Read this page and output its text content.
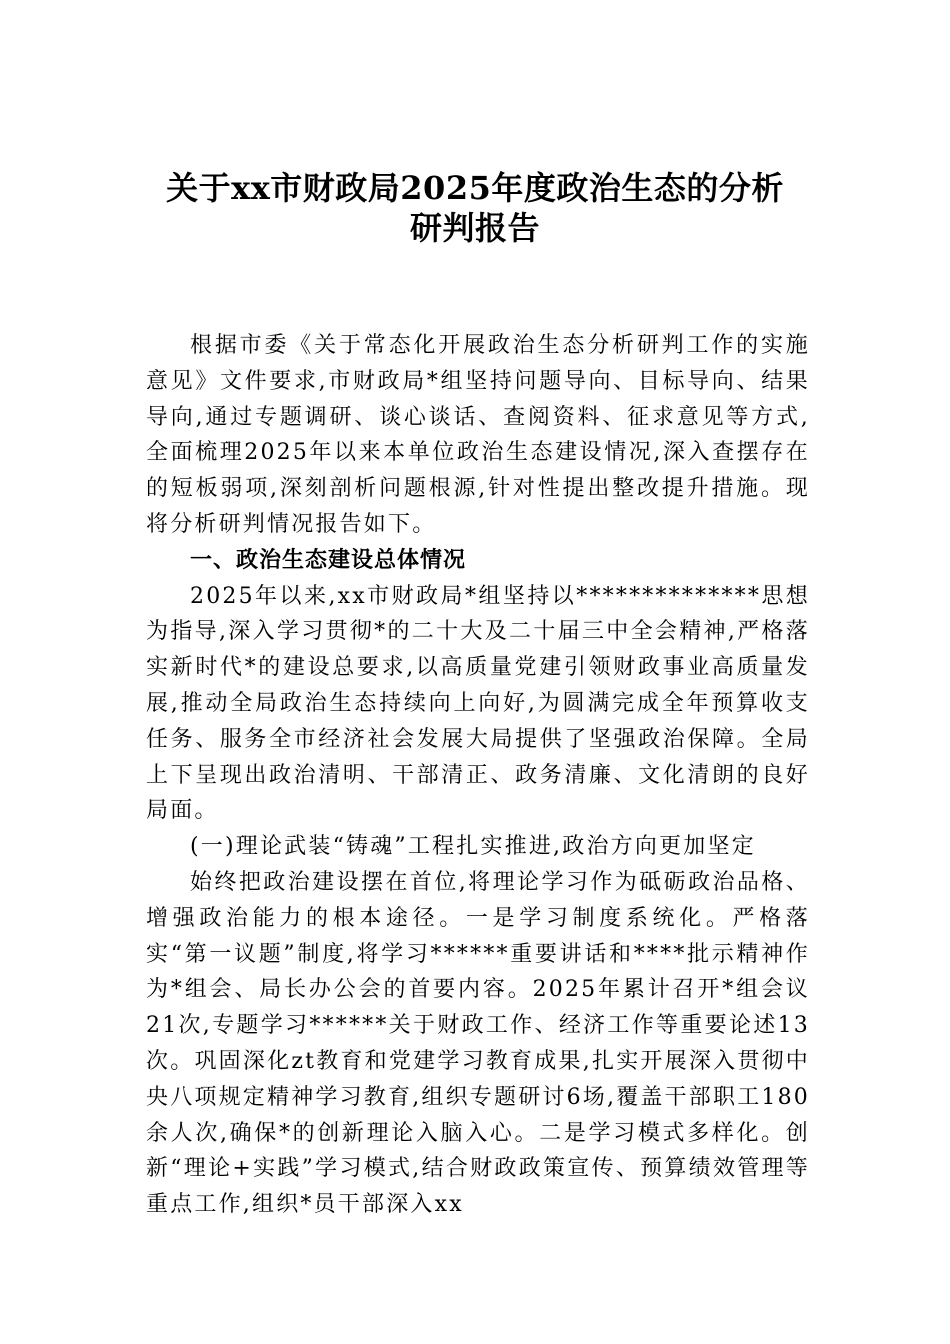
关于xx市财政局2025年度政治生态的分析
研判报告

根据市委《关于常态化开展政治生态分析研判工作的实施意见》文件要求,市财政局*组坚持问题导向、目标导向、结果导向,通过专题调研、谈心谈话、查阅资料、征求意见等方式,全面梳理2025年以来本单位政治生态建设情况,深入查摆存在的短板弱项,深刻剖析问题根源,针对性提出整改提升措施。现将分析研判情况报告如下。

一、政治生态建设总体情况

2025年以来,xx市财政局*组坚持以**************思想为指导,深入学习贯彻*的二十大及二十届三中全会精神,严格落实新时代*的建设总要求,以高质量党建引领财政事业高质量发展,推动全局政治生态持续向上向好,为圆满完成全年预算收支任务、服务全市经济社会发展大局提供了坚强政治保障。全局上下呈现出政治清明、干部清正、政务清廉、文化清朗的良好局面。

(一)理论武装“铸魂”工程扎实推进,政治方向更加坚定

始终把政治建设摆在首位,将理论学习作为砥砺政治品格、增强政治能力的根本途径。一是学习制度系统化。严格落实“第一议题”制度,将学习******重要讲话和****批示精神作为*组会、局长办公会的首要内容。2025年累计召开*组会议21次,专题学习******关于财政工作、经济工作等重要论述13次。巩固深化zt教育和党建学习教育成果,扎实开展深入贯彻中央八项规定精神学习教育,组织专题研讨6场,覆盖干部职工180余人次,确保*的创新理论入脑入心。二是学习模式多样化。创新“理论+实践”学习模式,结合财政政策宣传、预算绩效管理等重点工作,组织*员干部深入xx
